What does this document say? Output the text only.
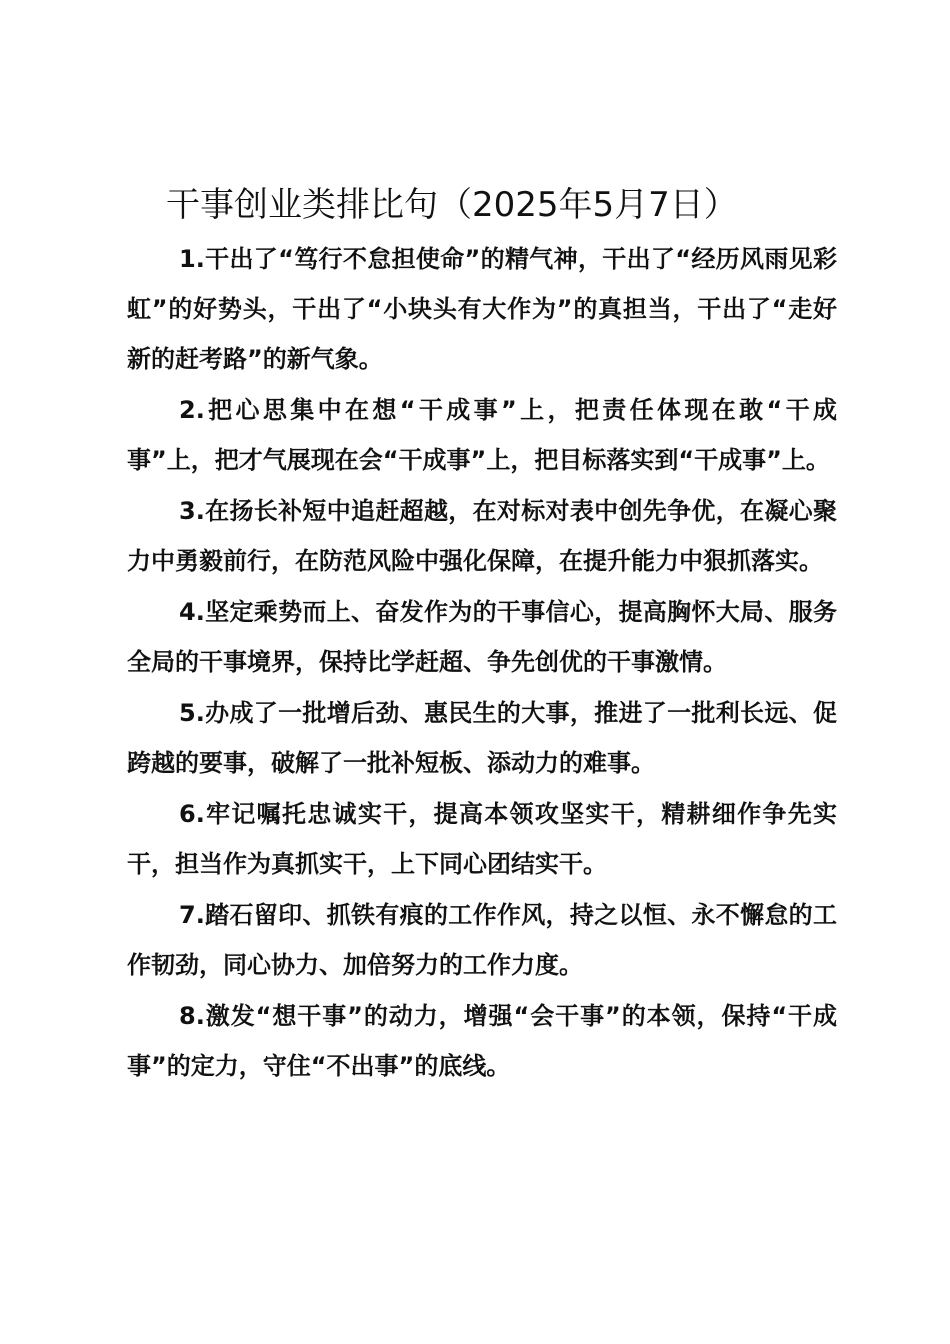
干事创业类排比句（2025年5月7日）

1.干出了“笃行不怠担使命”的精气神，干出了“经历风雨见彩虹”的好势头，干出了“小块头有大作为”的真担当，干出了“走好新的赶考路”的新气象。

2.把心思集中在想“干成事”上，把责任体现在敢“干成事”上，把才气展现在会“干成事”上，把目标落实到“干成事”上。

3.在扬长补短中追赶超越，在对标对表中创先争优，在凝心聚力中勇毅前行，在防范风险中强化保障，在提升能力中狠抓落实。

4.坚定乘势而上、奋发作为的干事信心，提高胸怀大局、服务全局的干事境界，保持比学赶超、争先创优的干事激情。

5.办成了一批增后劲、惠民生的大事，推进了一批利长远、促跨越的要事，破解了一批补短板、添动力的难事。

6.牢记嘱托忠诚实干，提高本领攻坚实干，精耕细作争先实干，担当作为真抓实干，上下同心团结实干。

7.踏石留印、抓铁有痕的工作作风，持之以恒、永不懈怠的工作韧劲，同心协力、加倍努力的工作力度。

8.激发“想干事”的动力，增强“会干事”的本领，保持“干成事”的定力，守住“不出事”的底线。
